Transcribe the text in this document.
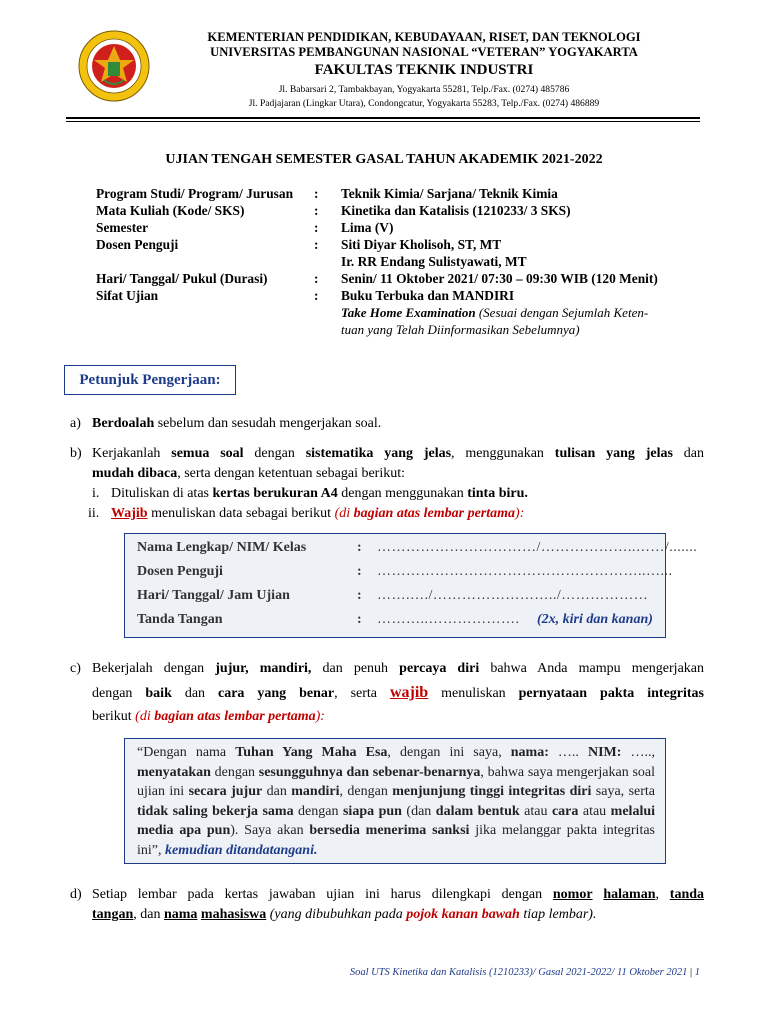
KEMENTERIAN PENDIDIKAN, KEBUDAYAAN, RISET, DAN TEKNOLOGI
UNIVERSITAS PEMBANGUNAN NASIONAL “VETERAN” YOGYAKARTA
FAKULTAS TEKNIK INDUSTRI
Jl. Babarsari 2, Tambakbayan, Yogyakarta 55281, Telp./Fax. (0274) 485786
Jl. Padjajaran (Lingkar Utara), Condongcatur, Yogyakarta 55283, Telp./Fax. (0274) 486889
UJIAN TENGAH SEMESTER GASAL TAHUN AKADEMIK 2021-2022
Program Studi/ Program/ Jurusan : Teknik Kimia/ Sarjana/ Teknik Kimia
Mata Kuliah (Kode/ SKS)	: Kinetika dan Katalisis (1210233/ 3 SKS)
Semester	: Lima (V)
Dosen Penguji	: Siti Diyar Kholisoh, ST, MT
Ir. RR Endang Sulistyawati, MT
Hari/ Tanggal/ Pukul (Durasi)	: Senin/ 11 Oktober 2021/ 07:30 – 09:30 WIB (120 Menit)
Sifat Ujian	: Buku Terbuka dan MANDIRI
Take Home Examination (Sesuai dengan Sejumlah Keten-
tuan yang Telah Diinformasikan Sebelumnya)
Petunjuk Pengerjaan:
a) Berdoalah sebelum dan sesudah mengerjakan soal.
b) Kerjakanlah semua soal dengan sistematika yang jelas, menggunakan tulisan yang jelas dan
mudah dibaca, serta dengan ketentuan sebagai berikut:
i. Dituliskan di atas kertas berukuran A4 dengan menggunakan tinta biru.
ii. Wajib menuliskan data sebagai berikut (di bagian atas lembar pertama):
Nama Lengkap/ NIM/ Kelas	: ……………………………/………………..……/.......
Dosen Penguji	: ………………………………………………..…...
Hari/ Tanggal/ Jam Ujian	: …….…./……………………../………………
Tanda Tangan	: ………..………………. (2x, kiri dan kanan)
c) Bekerjalah dengan jujur, mandiri, dan penuh percaya diri bahwa Anda mampu mengerjakan
dengan baik dan cara yang benar, serta wajib menuliskan pernyataan pakta integritas
berikut (di bagian atas lembar pertama):
“Dengan nama Tuhan Yang Maha Esa, dengan ini saya, nama: ….. NIM: ….., menyatakan dengan sesungguhnya dan sebenar-benarnya, bahwa saya mengerjakan soal ujian ini secara jujur dan mandiri, dengan menjunjung tinggi integritas diri saya, serta tidak saling bekerja sama dengan siapa pun (dan dalam bentuk atau cara atau melalui media apa pun). Saya akan bersedia menerima sanksi jika melanggar pakta integritas ini”, kemudian ditandatangani.
d) Setiap lembar pada kertas jawaban ujian ini harus dilengkapi dengan nomor halaman, tanda
tangan, dan nama mahasiswa (yang dibubuhkan pada pojok kanan bawah tiap lembar).
Soal UTS Kinetika dan Katalisis (1210233)/ Gasal 2021-2022/ 11 Oktober 2021 | 1
